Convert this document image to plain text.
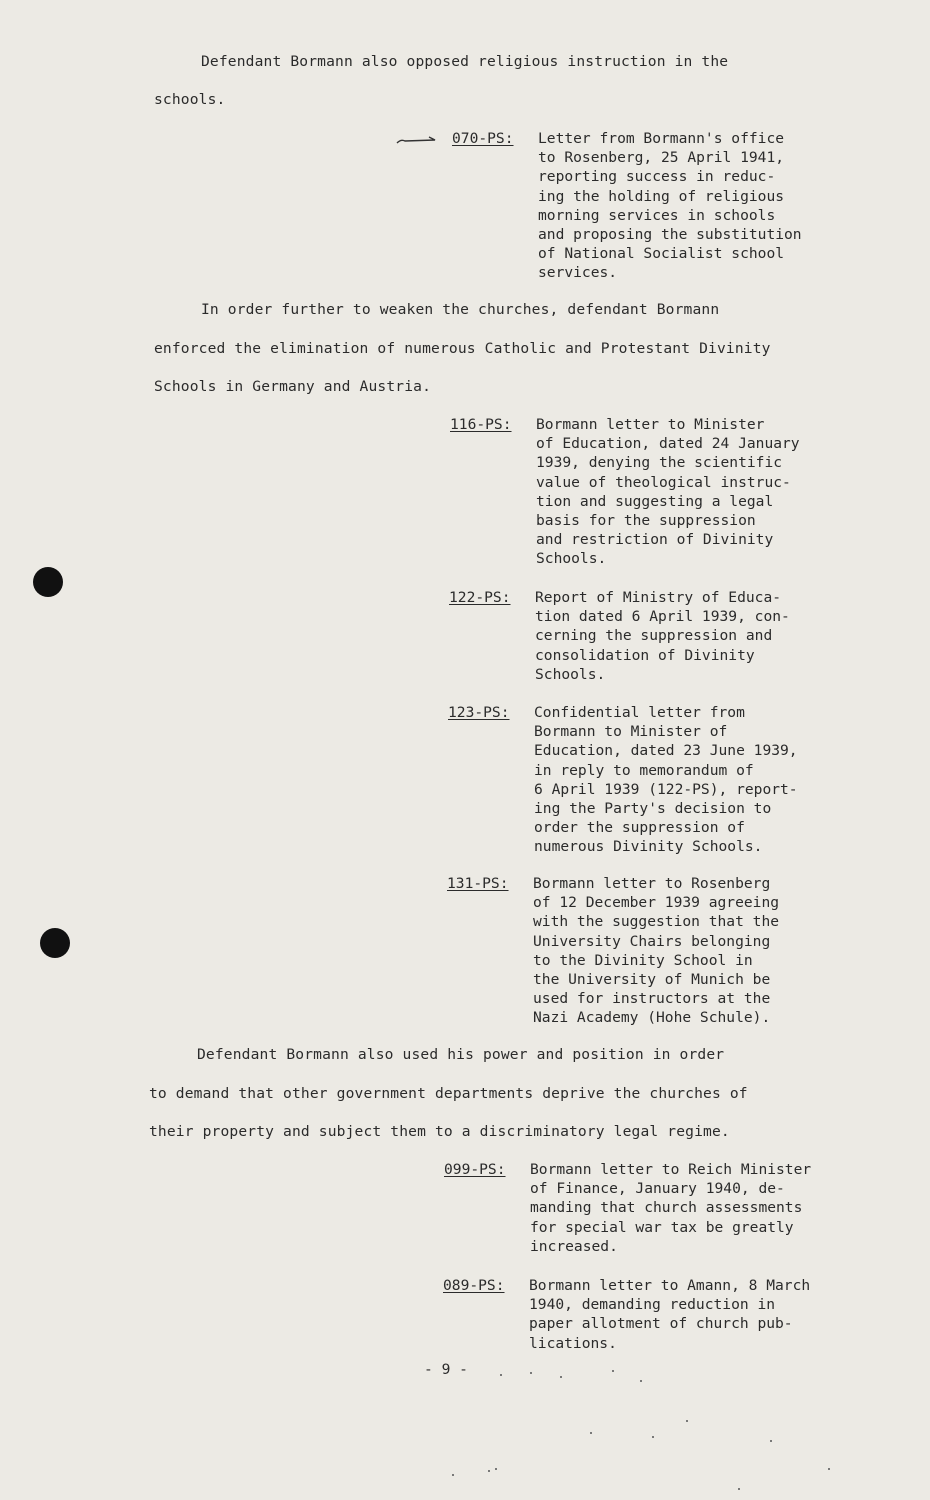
Defendant Bormann also opposed religious instruction in the
schools.
070-PS: Letter from Bormann's office
to Rosenberg, 25 April 1941,
reporting success in reduc-
ing the holding of religious
morning services in schools
and proposing the substitution
of National Socialist school
services.
In order further to weaken the churches, defendant Bormann
enforced the elimination of numerous Catholic and Protestant Divinity
Schools in Germany and Austria.
116-PS: Bormann letter to Minister
of Education, dated 24 January
1939, denying the scientific
value of theological instruc-
tion and suggesting a legal
basis for the suppression
and restriction of Divinity
Schools.
122-PS: Report of Ministry of Educa-
tion dated 6 April 1939, con-
cerning the suppression and
consolidation of Divinity
Schools.
123-PS: Confidential letter from
Bormann to Minister of
Education, dated 23 June 1939,
in reply to memorandum of
6 April 1939 (122-PS), report-
ing the Party's decision to
order the suppression of
numerous Divinity Schools.
131-PS: Bormann letter to Rosenberg
of 12 December 1939 agreeing
with the suggestion that the
University Chairs belonging
to the Divinity School in
the University of Munich be
used for instructors at the
Nazi Academy (Hohe Schule).
Defendant Bormann also used his power and position in order
to demand that other government departments deprive the churches of
their property and subject them to a discriminatory legal regime.
099-PS: Bormann letter to Reich Minister
of Finance, January 1940, de-
manding that church assessments
for special war tax be greatly
increased.
089-PS: Bormann letter to Amann, 8 March
1940, demanding reduction in
paper allotment of church pub-
lications.
- 9 -
